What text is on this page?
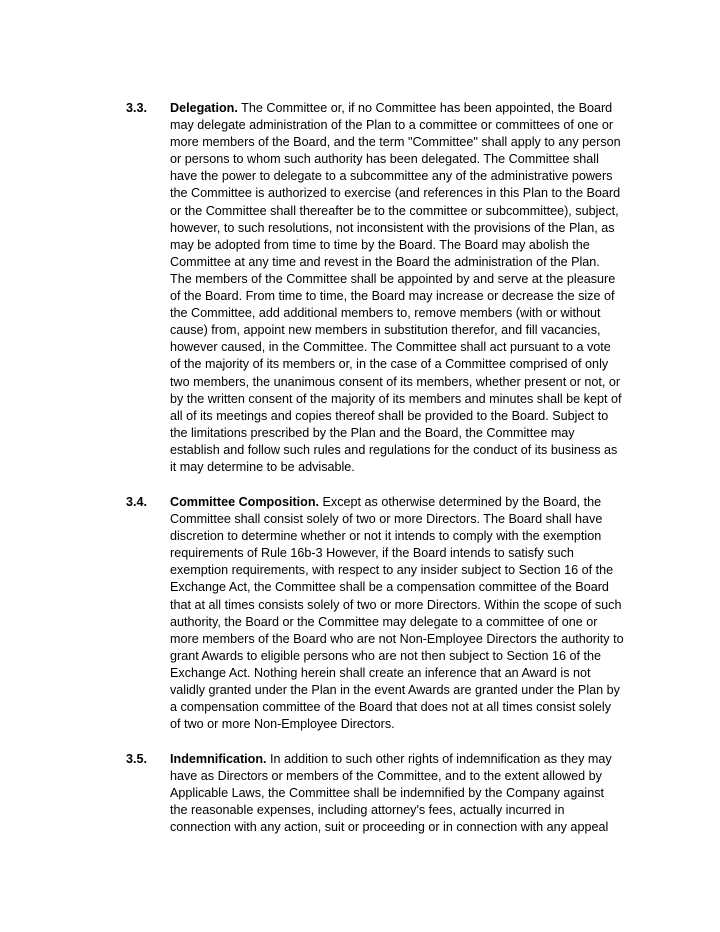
3.3. Delegation. The Committee or, if no Committee has been appointed, the Board
may delegate administration of the Plan to a committee or committees of one or
more members of the Board, and the term "Committee" shall apply to any person
or persons to whom such authority has been delegated. The Committee shall
have the power to delegate to a subcommittee any of the administrative powers
the Committee is authorized to exercise (and references in this Plan to the Board
or the Committee shall thereafter be to the committee or subcommittee), subject,
however, to such resolutions, not inconsistent with the provisions of the Plan, as
may be adopted from time to time by the Board. The Board may abolish the
Committee at any time and revest in the Board the administration of the Plan.
The members of the Committee shall be appointed by and serve at the pleasure
of the Board. From time to time, the Board may increase or decrease the size of
the Committee, add additional members to, remove members (with or without
cause) from, appoint new members in substitution therefor, and fill vacancies,
however caused, in the Committee. The Committee shall act pursuant to a vote
of the majority of its members or, in the case of a Committee comprised of only
two members, the unanimous consent of its members, whether present or not, or
by the written consent of the majority of its members and minutes shall be kept of
all of its meetings and copies thereof shall be provided to the Board. Subject to
the limitations prescribed by the Plan and the Board, the Committee may
establish and follow such rules and regulations for the conduct of its business as
it may determine to be advisable.
3.4. Committee Composition. Except as otherwise determined by the Board, the
Committee shall consist solely of two or more Directors. The Board shall have
discretion to determine whether or not it intends to comply with the exemption
requirements of Rule 16b-3 However, if the Board intends to satisfy such
exemption requirements, with respect to any insider subject to Section 16 of the
Exchange Act, the Committee shall be a compensation committee of the Board
that at all times consists solely of two or more Directors. Within the scope of such
authority, the Board or the Committee may delegate to a committee of one or
more members of the Board who are not Non-Employee Directors the authority to
grant Awards to eligible persons who are not then subject to Section 16 of the
Exchange Act. Nothing herein shall create an inference that an Award is not
validly granted under the Plan in the event Awards are granted under the Plan by
a compensation committee of the Board that does not at all times consist solely
of two or more Non-Employee Directors.
3.5. Indemnification. In addition to such other rights of indemnification as they may
have as Directors or members of the Committee, and to the extent allowed by
Applicable Laws, the Committee shall be indemnified by the Company against
the reasonable expenses, including attorney's fees, actually incurred in
connection with any action, suit or proceeding or in connection with any appeal
